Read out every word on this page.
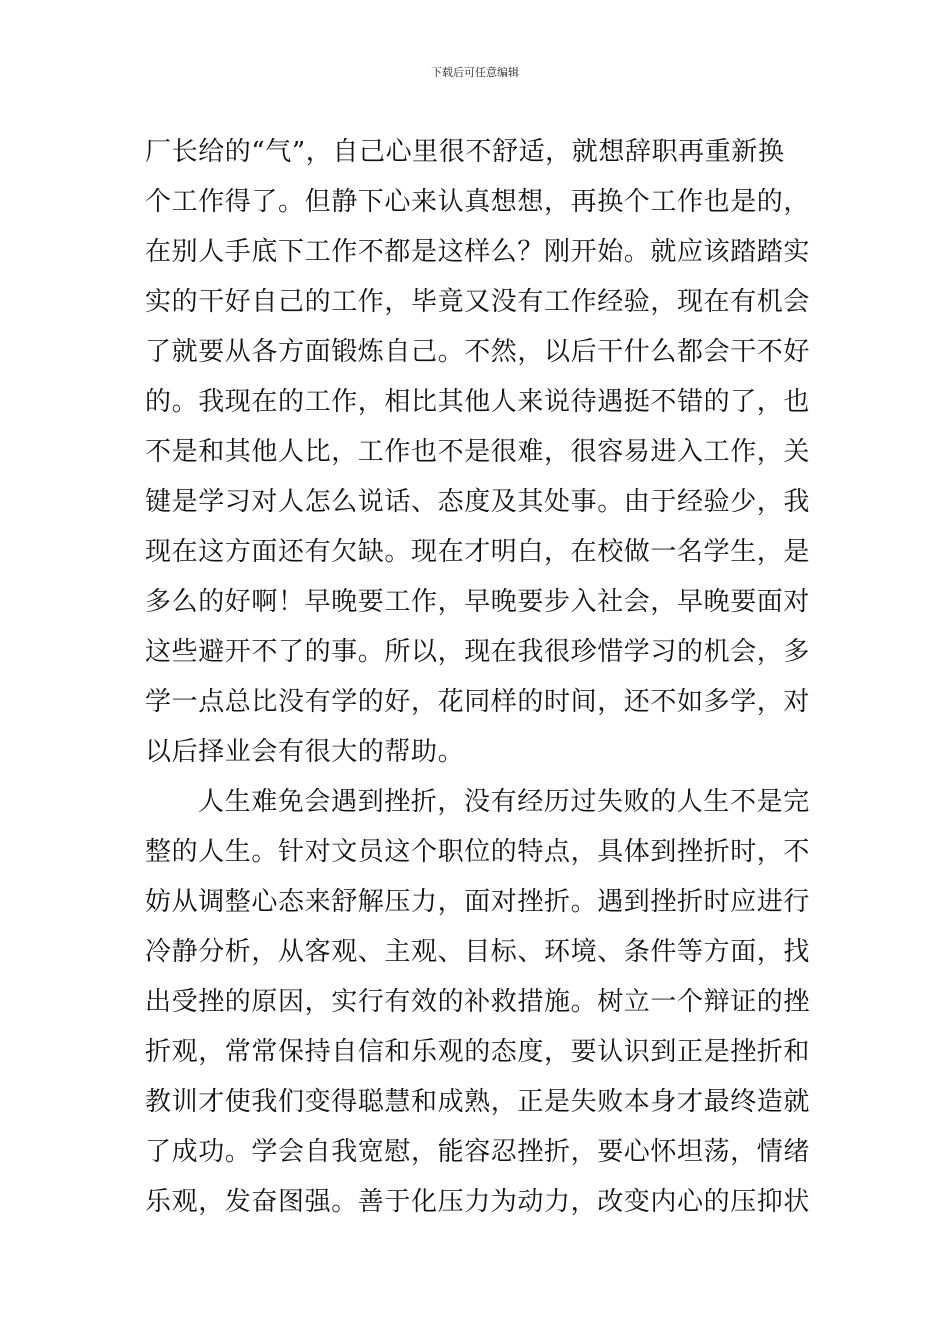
下载后可任意编辑
厂长给的“气”，自己心里很不舒适，就想辞职再重新换
个工作得了。但静下心来认真想想，再换个工作也是的，
在别人手底下工作不都是这样么？刚开始。就应该踏踏实
实的干好自己的工作，毕竟又没有工作经验，现在有机会
了就要从各方面锻炼自己。不然，以后干什么都会干不好
的。我现在的工作，相比其他人来说待遇挺不错的了，也
不是和其他人比，工作也不是很难，很容易进入工作，关
键是学习对人怎么说话、态度及其处事。由于经验少，我
现在这方面还有欠缺。现在才明白，在校做一名学生，是
多么的好啊！早晚要工作，早晚要步入社会，早晚要面对
这些避开不了的事。所以，现在我很珍惜学习的机会，多
学一点总比没有学的好，花同样的时间，还不如多学，对
以后择业会有很大的帮助。
人生难免会遇到挫折，没有经历过失败的人生不是完
整的人生。针对文员这个职位的特点，具体到挫折时，不
妨从调整心态来舒解压力，面对挫折。遇到挫折时应进行
冷静分析，从客观、主观、目标、环境、条件等方面，找
出受挫的原因，实行有效的补救措施。树立一个辩证的挫
折观，常常保持自信和乐观的态度，要认识到正是挫折和
教训才使我们变得聪慧和成熟，正是失败本身才最终造就
了成功。学会自我宽慰，能容忍挫折，要心怀坦荡，情绪
乐观，发奋图强。善于化压力为动力，改变内心的压抑状
